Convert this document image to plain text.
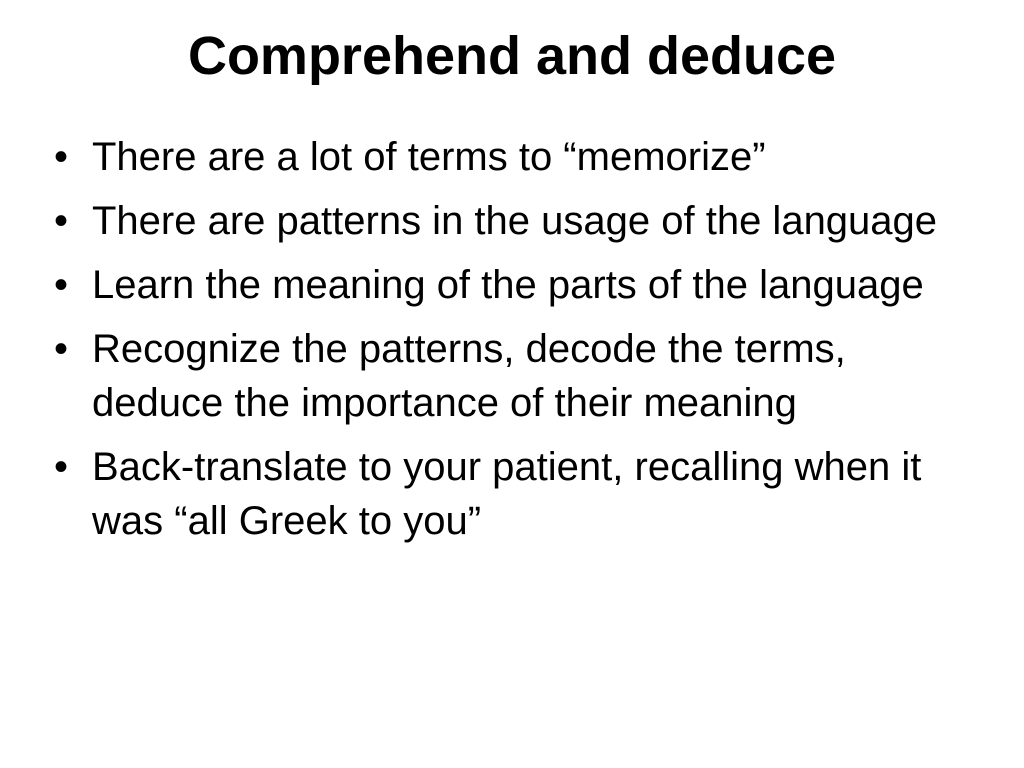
Comprehend and deduce
• There are a lot of terms to “memorize”
• There are patterns in the usage of the language
• Learn the meaning of the parts of the language
• Recognize the patterns, decode the terms, deduce the importance of their meaning
• Back-translate to your patient, recalling when it was “all Greek to you”
